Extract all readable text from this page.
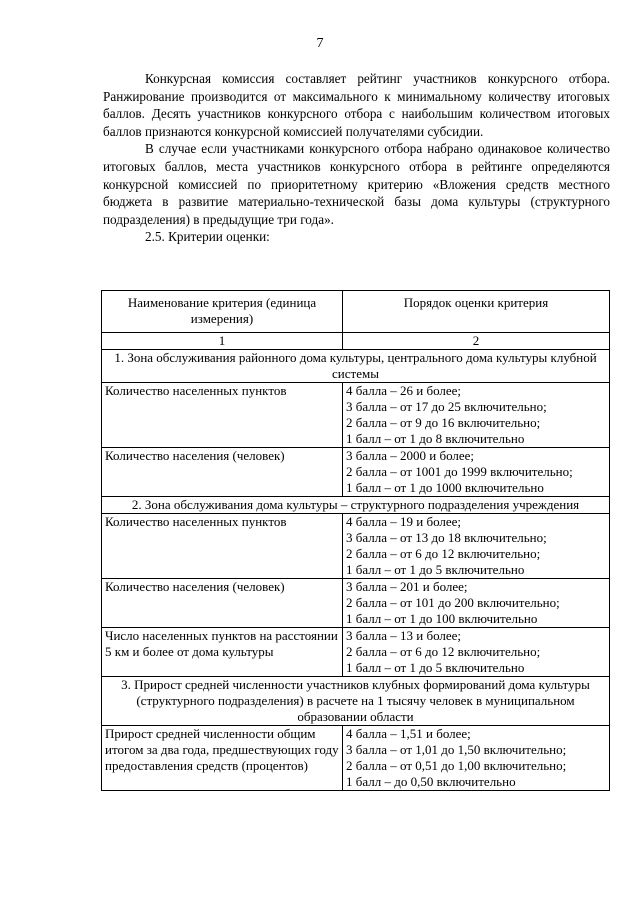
7

Конкурсная комиссия составляет рейтинг участников конкурсного отбора. Ранжирование производится от максимального к минимальному количеству итоговых баллов. Десять участников конкурсного отбора с наибольшим количеством итоговых баллов признаются конкурсной комиссией получателями субсидии.

В случае если участниками конкурсного отбора набрано одинаковое количество итоговых баллов, места участников конкурсного отбора в рейтинге определяются конкурсной комиссией по приоритетному критерию «Вложения средств местного бюджета в развитие материально-технической базы дома культуры (структурного подразделения) в предыдущие три года».

2.5. Критерии оценки:

Наименование критерия (единица измерения)	Порядок оценки критерия
1	2
1. Зона обслуживания районного дома культуры, центрального дома культуры клубной системы	
Количество населенных пунктов	4 балла – 26 и более;
3 балла – от 17 до 25 включительно;
2 балла – от 9 до 16 включительно;
1 балл – от 1 до 8 включительно

Количество населения (человек)	3 балла – 2000 и более;
2 балла – от 1001 до 1999 включительно;
1 балл – от 1 до 1000 включительно

2. Зона обслуживания дома культуры – структурного подразделения учреждения	
Количество населенных пунктов	4 балла – 19 и более;
3 балла – от 13 до 18 включительно;
2 балла – от 6 до 12 включительно;
1 балл – от 1 до 5 включительно

Количество населения (человек)	3 балла – 201 и более;
2 балла – от 101 до 200 включительно;
1 балл – от 1 до 100 включительно

Число населенных пунктов на расстоянии 5 км и более от дома культуры	3 балла – 13 и более;
2 балла – от 6 до 12 включительно;
1 балл – от 1 до 5 включительно

3. Прирост средней численности участников клубных формирований дома культуры (структурного подразделения) в расчете на 1 тысячу человек в муниципальном образовании области	
Прирост средней численности общим итогом за два года, предшествующих году предоставления средств (процентов)	4 балла – 1,51 и более;
3 балла – от 1,01 до 1,50 включительно;
2 балла – от 0,51 до 1,00 включительно;
1 балл – до 0,50 включительно
